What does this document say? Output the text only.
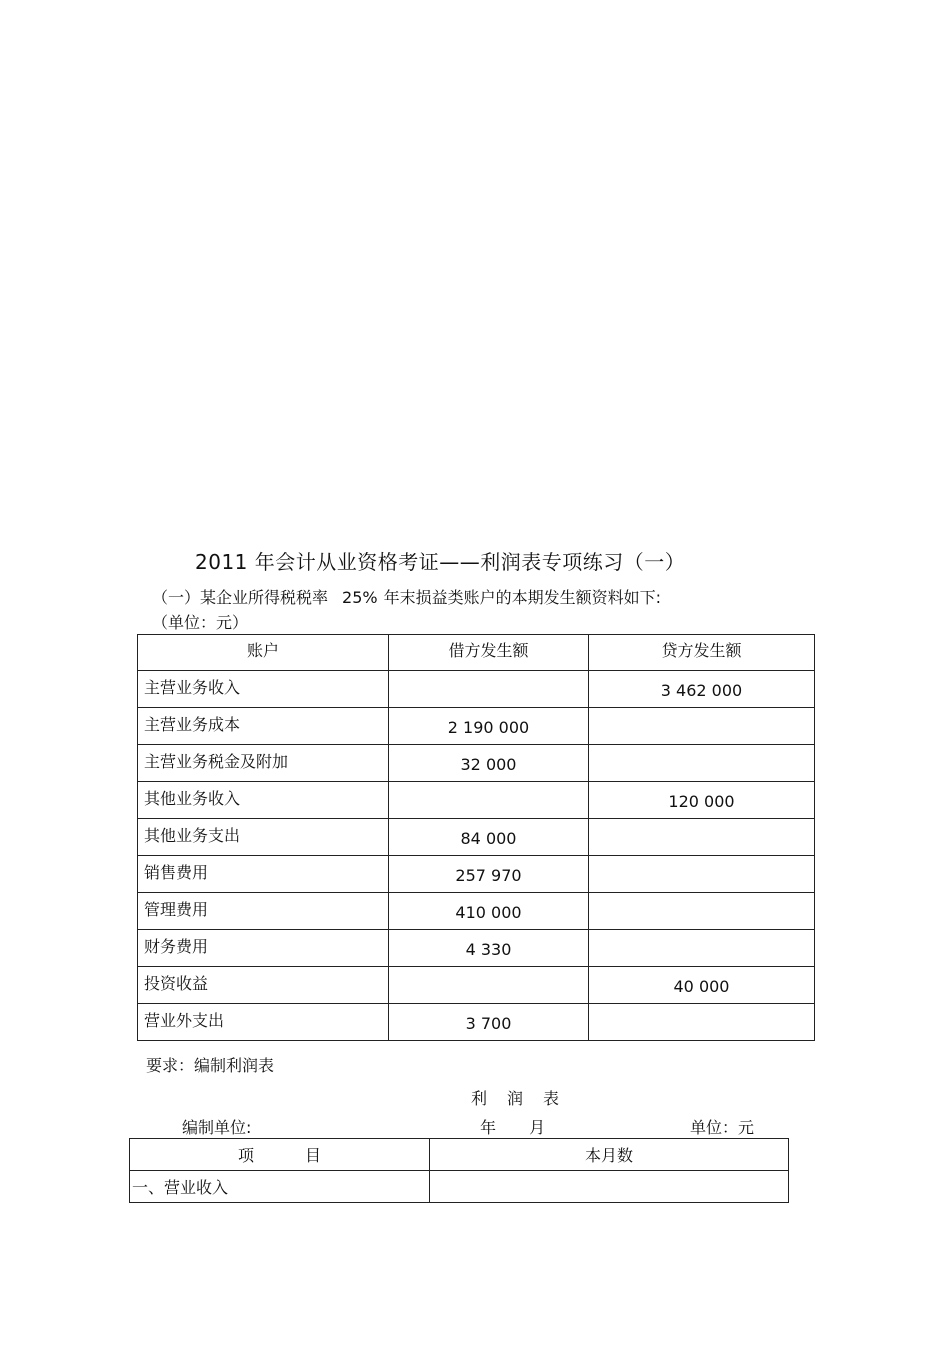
2011 年会计从业资格考证——利润表专项练习（一）
（一）某企业所得税税率 25% 年末损益类账户的本期发生额资料如下:
（单位：元）
账户	借方发生额	贷方发生额
主营业务收入		3 462 000
主营业务成本	2 190 000	
主营业务税金及附加	32 000	
其他业务收入		120 000
其他业务支出	84 000	
销售费用	257 970	
管理费用	410 000	
财务费用	4 330	
投资收益		40 000
营业外支出	3 700	
要求：编制利润表
利润表
编制单位:	年 月	单位：元
项 目	本月数
一、营业收入	
